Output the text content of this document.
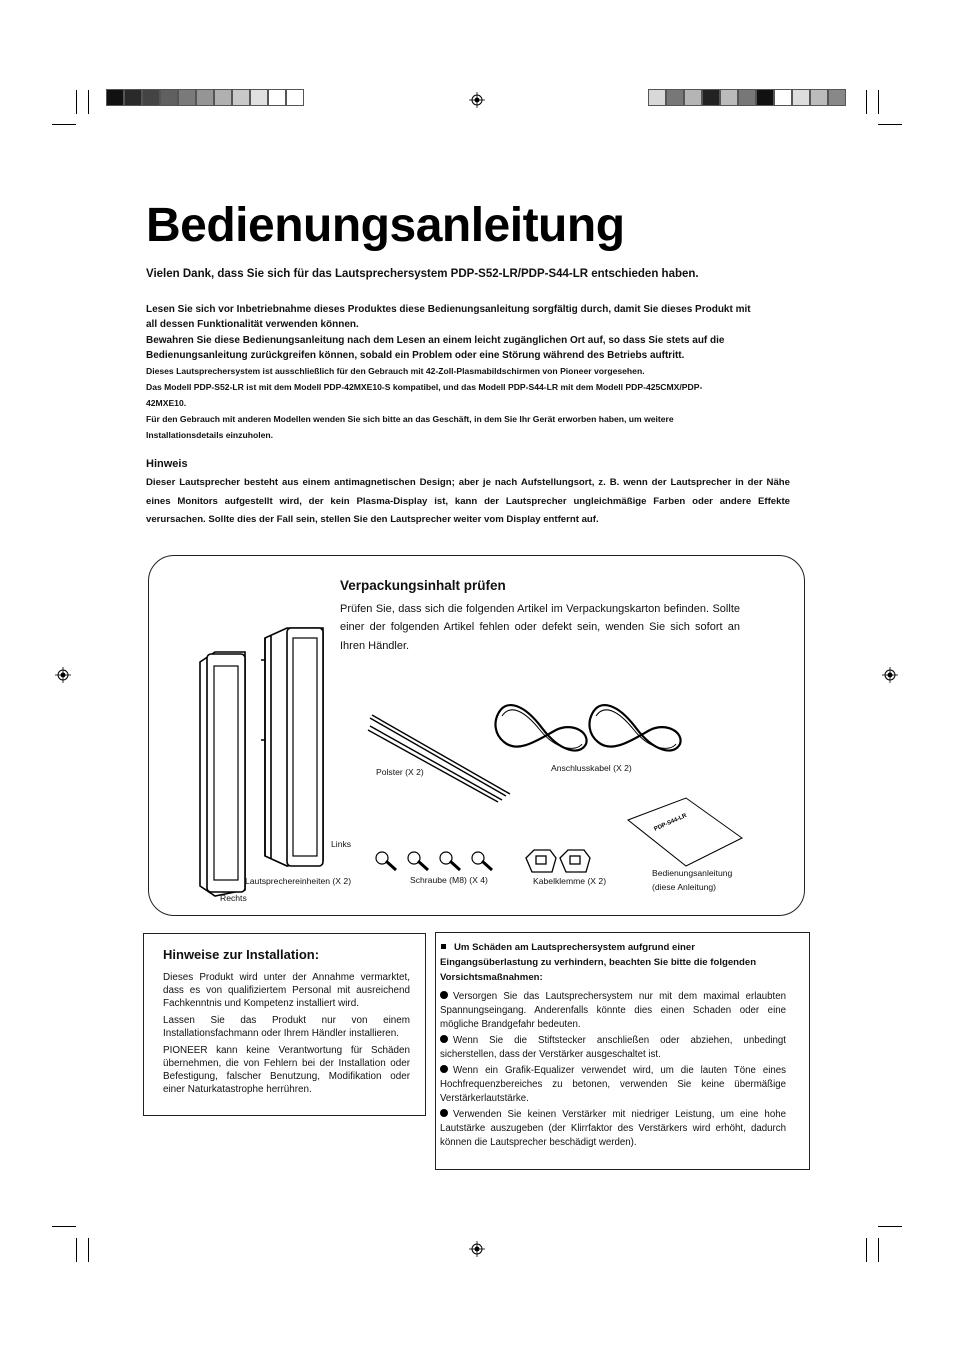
Bedienungsanleitung
Vielen Dank, dass Sie sich für das Lautsprechersystem PDP-S52-LR/PDP-S44-LR entschieden haben.
Lesen Sie sich vor Inbetriebnahme dieses Produktes diese Bedienungsanleitung sorgfältig durch, damit Sie dieses Produkt mit
all dessen Funktionalität verwenden können.
Bewahren Sie diese Bedienungsanleitung nach dem Lesen an einem leicht zugänglichen Ort auf, so dass Sie stets auf die
Bedienungsanleitung zurückgreifen können, sobald ein Problem oder eine Störung während des Betriebs auftritt.
Dieses Lautsprechersystem ist ausschließlich für den Gebrauch mit 42-Zoll-Plasmabildschirmen von Pioneer vorgesehen.
Das Modell PDP-S52-LR ist mit dem Modell PDP-42MXE10-S kompatibel, und das Modell PDP-S44-LR mit dem Modell PDP-425CMX/PDP-
42MXE10.
Für den Gebrauch mit anderen Modellen wenden Sie sich bitte an das Geschäft, in dem Sie Ihr Gerät erworben haben, um weitere
Installationsdetails einzuholen.
Hinweis
Dieser Lautsprecher besteht aus einem antimagnetischen Design; aber je nach Aufstellungsort, z. B. wenn der Lautsprecher in der Nähe eines Monitors aufgestellt wird, der kein Plasma-Display ist, kann der Lautsprecher ungleichmäßige Farben oder andere Effekte verursachen. Sollte dies der Fall sein, stellen Sie den Lautsprecher weiter vom Display entfernt auf.
Verpackungsinhalt prüfen
Prüfen Sie, dass sich die folgenden Artikel im Verpackungskarton befinden. Sollte einer der folgenden Artikel fehlen oder defekt sein, wenden Sie sich sofort an Ihren Händler.
PDP-S44-LR
Links
Rechts
Lautsprechereinheiten (X 2)
Polster (X 2)	Anschlusskabel (X 2)
Schraube (M8) (X 4)	Kabelklemme (X 2)
Bedienungsanleitung
(diese Anleitung)
Hinweise zur Installation:
Dieses Produkt wird unter der Annahme vermarktet, dass es von qualifiziertem Personal mit ausreichend Fachkenntnis und Kompetenz installiert wird.
Lassen Sie das Produkt nur von einem Installationsfachmann oder Ihrem Händler installieren.
PIONEER kann keine Verantwortung für Schäden übernehmen, die von Fehlern bei der Installation oder Befestigung, falscher Benutzung, Modifikation oder einer Naturkatastrophe herrühren.
Um Schäden am Lautsprechersystem aufgrund einer Eingangsüberlastung zu verhindern, beachten Sie bitte die folgenden Vorsichtsmaßnahmen:
Versorgen Sie das Lautsprechersystem nur mit dem maximal erlaubten Spannungseingang. Anderenfalls könnte dies einen Schaden oder eine mögliche Brandgefahr bedeuten.
Wenn Sie die Stiftstecker anschließen oder abziehen, unbedingt sicherstellen, dass der Verstärker ausgeschaltet ist.
Wenn ein Grafik-Equalizer verwendet wird, um die lauten Töne eines Hochfrequenzbereiches zu betonen, verwenden Sie keine übermäßige Verstärkerlautstärke.
Verwenden Sie keinen Verstärker mit niedriger Leistung, um eine hohe Lautstärke auszugeben (der Klirrfaktor des Verstärkers wird erhöht, dadurch können die Lautsprecher beschädigt werden).
